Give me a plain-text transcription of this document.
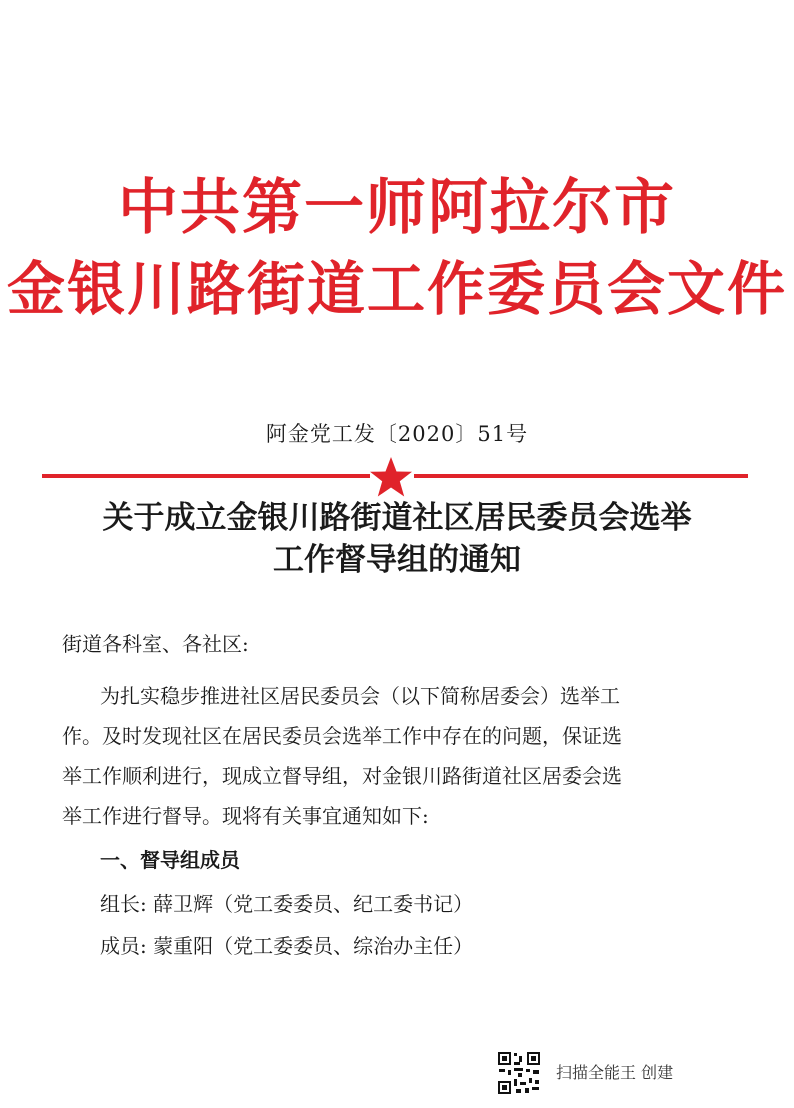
中共第一师阿拉尔市
金银川路街道工作委员会文件
阿金党工发〔2020〕51号
关于成立金银川路街道社区居民委员会选举
工作督导组的通知
街道各科室、各社区:
为扎实稳步推进社区居民委员会（以下简称居委会）选举工
作。及时发现社区在居民委员会选举工作中存在的问题，保证选
举工作顺利进行，现成立督导组，对金银川路街道社区居委会选
举工作进行督导。现将有关事宜通知如下:
一、督导组成员
组长: 薛卫辉（党工委委员、纪工委书记）
成员: 蒙重阳（党工委委员、综治办主任）
扫描全能王 创建
